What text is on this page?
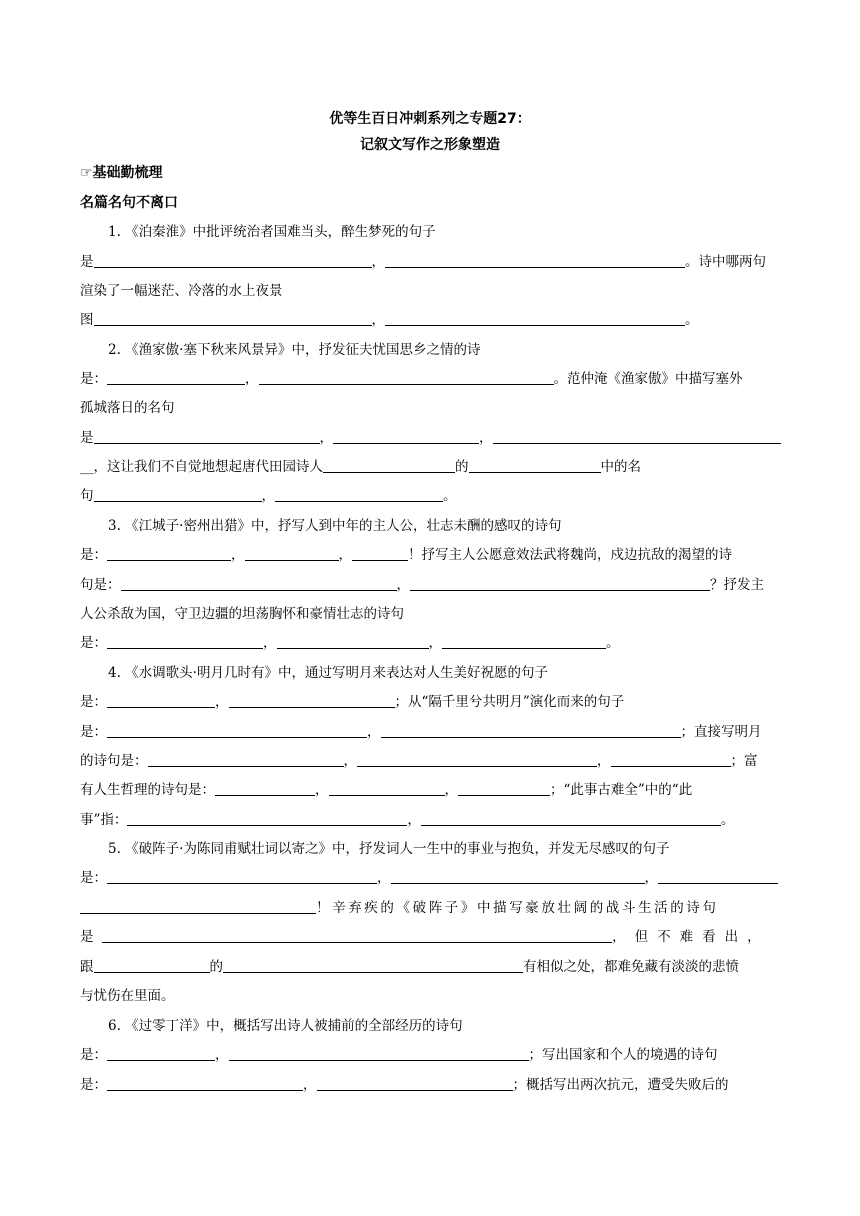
优等生百日冲刺系列之专题27：
记叙文写作之形象塑造
☞基础勤梳理
名篇名句不离口
1. 《泊秦淮》中批评统治者国难当头，醉生梦死的句子
是	，	。诗中哪两句
渲染了一幅迷茫、冷落的水上夜景
图	，	。
2. 《渔家傲·塞下秋来风景异》中，抒发征夫忧国思乡之情的诗
是：	，	。范仲淹《渔家傲》中描写塞外
孤城落日的名句
是	，	，
__，这让我们不自觉地想起唐代田园诗人	的	中的名
句	，	。
3. 《江城子·密州出猎》中，抒写人到中年的主人公，壮志未酬的感叹的诗句
是：	，	，	！抒写主人公愿意效法武将魏尚，戍边抗敌的渴望的诗
句是：	，	？抒发主
人公杀敌为国，守卫边疆的坦荡胸怀和豪情壮志的诗句
是：	，	，	。
4. 《水调歌头·明月几时有》中，通过写明月来表达对人生美好祝愿的句子
是：	，	；从“隔千里兮共明月”演化而来的句子
是：	，	；直接写明月
的诗句是：	，	，	；富
有人生哲理的诗句是：	，	，	；“此事古难全”中的“此
事”指：	，	。
5. 《破阵子·为陈同甫赋壮词以寄之》中，抒发词人一生中的事业与抱负，并发无尽感叹的句子
是：	，	，
！辛弃疾的《破阵子》中描写豪放壮阔的战斗生活的诗句
是	，但不难看出，
跟	的	有相似之处，都难免藏有淡淡的悲愤
与忧伤在里面。
6. 《过零丁洋》中，概括写出诗人被捕前的全部经历的诗句
是：	，	；写出国家和个人的境遇的诗句
是：	，	；概括写出两次抗元，遭受失败后的
